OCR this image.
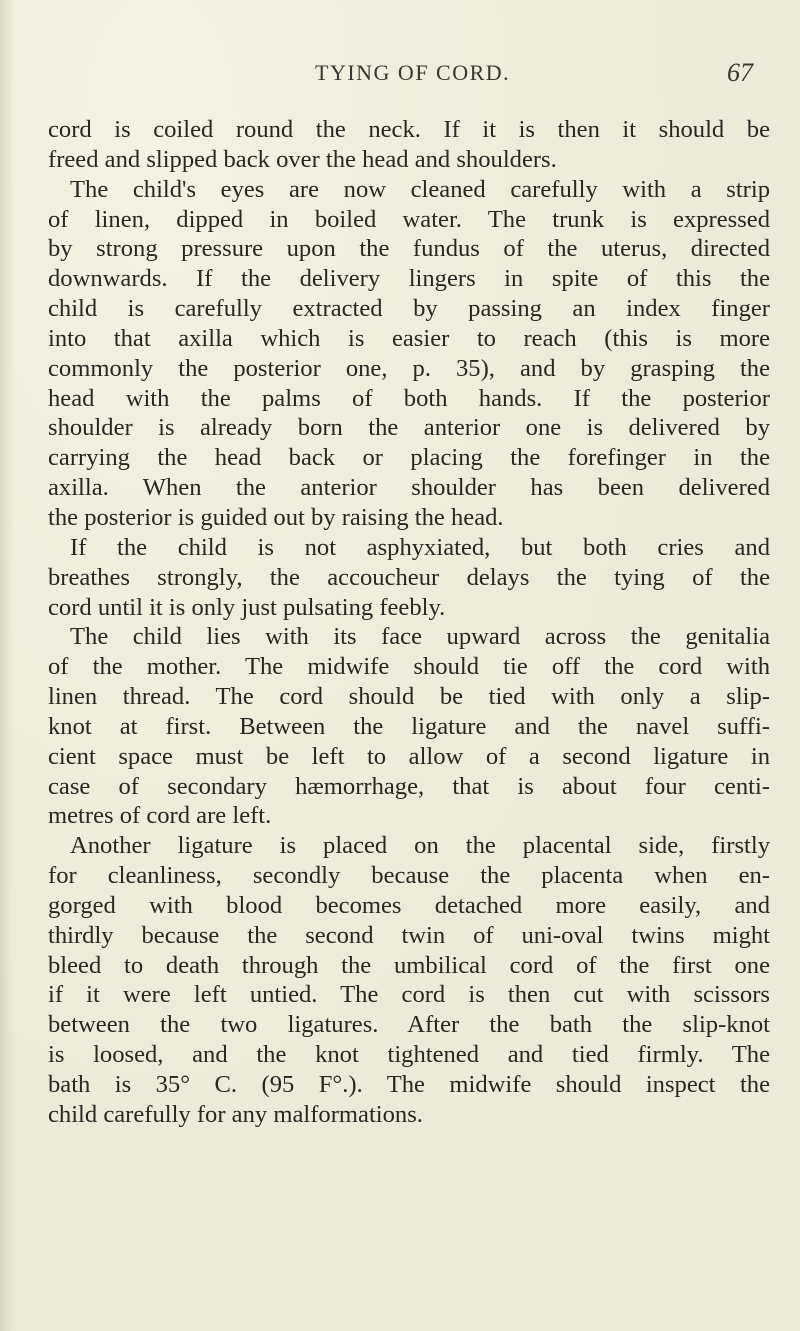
TYING OF CORD.	67
cord is coiled round the neck. If it is then it should be
freed and slipped back over the head and shoulders.
The child's eyes are now cleaned carefully with a strip
of linen, dipped in boiled water. The trunk is expressed
by strong pressure upon the fundus of the uterus, directed
downwards. If the delivery lingers in spite of this the
child is carefully extracted by passing an index finger
into that axilla which is easier to reach (this is more
commonly the posterior one, p. 35), and by grasping the
head with the palms of both hands. If the posterior
shoulder is already born the anterior one is delivered by
carrying the head back or placing the forefinger in the
axilla. When the anterior shoulder has been delivered
the posterior is guided out by raising the head.
If the child is not asphyxiated, but both cries and
breathes strongly, the accoucheur delays the tying of the
cord until it is only just pulsating feebly.
The child lies with its face upward across the genitalia
of the mother. The midwife should tie off the cord with
linen thread. The cord should be tied with only a slip-
knot at first. Between the ligature and the navel suffi-
cient space must be left to allow of a second ligature in
case of secondary hæmorrhage, that is about four centi-
metres of cord are left.
Another ligature is placed on the placental side, firstly
for cleanliness, secondly because the placenta when en-
gorged with blood becomes detached more easily, and
thirdly because the second twin of uni-oval twins might
bleed to death through the umbilical cord of the first one
if it were left untied. The cord is then cut with scissors
between the two ligatures. After the bath the slip-knot
is loosed, and the knot tightened and tied firmly. The
bath is 35° C. (95 F°.). The midwife should inspect the
child carefully for any malformations.
